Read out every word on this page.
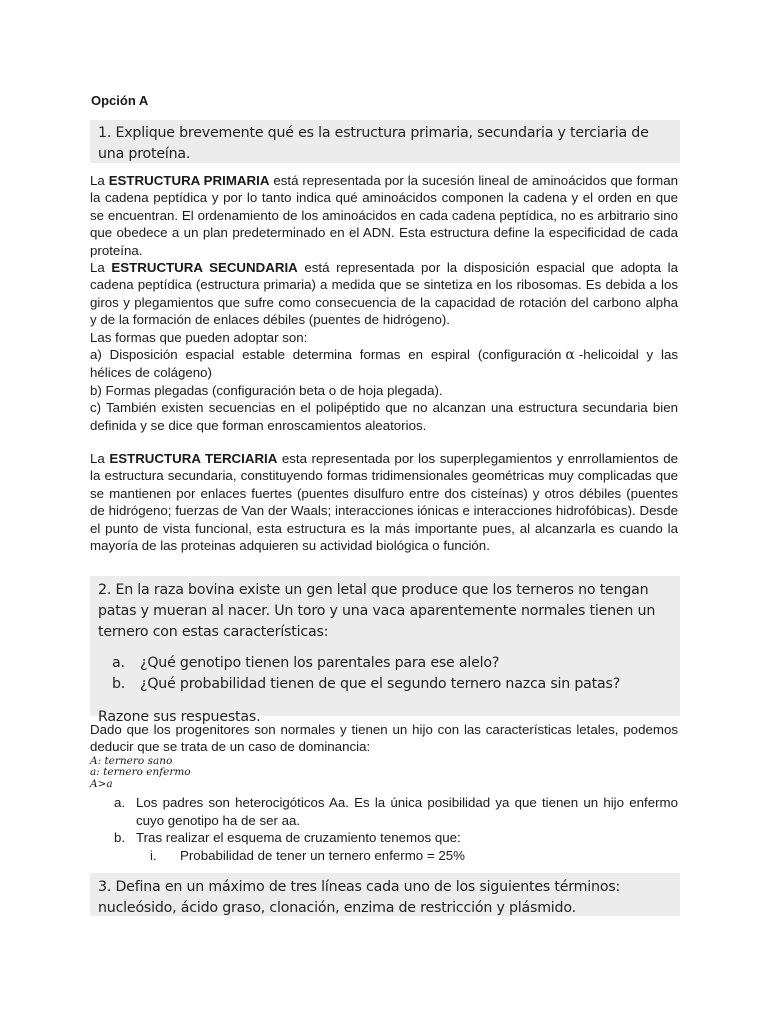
Opción A

1. Explique brevemente qué es la estructura primaria, secundaria y terciaria de una proteína.

La ESTRUCTURA PRIMARIA está representada por la sucesión lineal de aminoácidos que forman la cadena peptídica y por lo tanto indica qué aminoácidos componen la cadena y el orden en que se encuentran. El ordenamiento de los aminoácidos en cada cadena peptídica, no es arbitrario sino que obedece a un plan predeterminado en el ADN. Esta estructura define la especificidad de cada proteína.

La ESTRUCTURA SECUNDARIA está representada por la disposición espacial que adopta la cadena peptídica (estructura primaria) a medida que se sintetiza en los ribosomas. Es debida a los giros y plegamientos que sufre como consecuencia de la capacidad de rotación del carbono alpha y de la formación de enlaces débiles (puentes de hidrógeno).

Las formas que pueden adoptar son:

a) Disposición espacial estable determina formas en espiral (configuración α -helicoidal y las hélices de colágeno)

b) Formas plegadas (configuración beta o de hoja plegada).

c) También existen secuencias en el polipéptido que no alcanzan una estructura secundaria bien definida y se dice que forman enroscamientos aleatorios.

La ESTRUCTURA TERCIARIA esta representada por los superplegamientos y enrrollamientos de la estructura secundaria, constituyendo formas tridimensionales geométricas muy complicadas que se mantienen por enlaces fuertes (puentes disulfuro entre dos cisteínas) y otros débiles (puentes de hidrógeno; fuerzas de Van der Waals; interacciones iónicas e interacciones hidrofóbicas). Desde el punto de vista funcional, esta estructura es la más importante pues, al alcanzarla es cuando la mayoría de las proteinas adquieren su actividad biológica o función.

2. En la raza bovina existe un gen letal que produce que los terneros no tengan patas y mueran al nacer. Un toro y una vaca aparentemente normales tienen un ternero con estas características:

a. ¿Qué genotipo tienen los parentales para ese alelo?
b. ¿Qué probabilidad tienen de que el segundo ternero nazca sin patas?

Razone sus respuestas.

Dado que los progenitores son normales y tienen un hijo con las características letales, podemos deducir que se trata de un caso de dominancia:

A: ternero sano
a: ternero enfermo
A>a
a. Los padres son heterocigóticos Aa. Es la única posibilidad ya que tienen un hijo enfermo cuyo genotipo ha de ser aa.
b. Tras realizar el esquema de cruzamiento tenemos que:
i. Probabilidad de tener un ternero enfermo = 25%

3. Defina en un máximo de tres líneas cada uno de los siguientes términos: nucleósido, ácido graso, clonación, enzima de restricción y plásmido.
